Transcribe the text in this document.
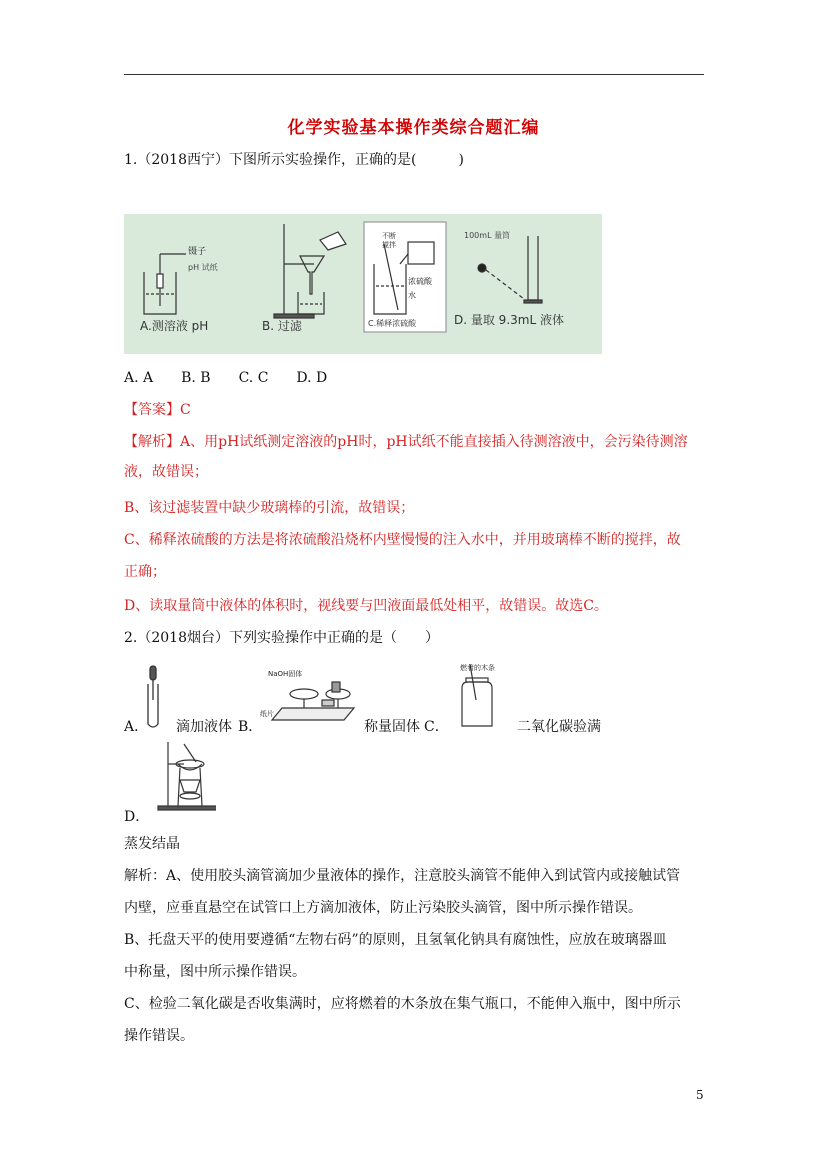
化学实验基本操作类综合题汇编
1.（2018西宁）下图所示实验操作，正确的是(　　　)
镊子
pH 试纸
A.测溶液 pH	B. 过滤
不断
搅拌
浓硫酸
水
C.稀释浓硫酸
100mL 量筒
D. 量取 9.3mL 液体
A. A　　B. B　　C. C　　D. D
【答案】C
【解析】A、用pH试纸测定溶液的pH时，pH试纸不能直接插入待测溶液中，会污染待测溶
液，故错误；
B、该过滤装置中缺少玻璃棒的引流，故错误；
C、稀释浓硫酸的方法是将浓硫酸沿烧杯内壁慢慢的注入水中，并用玻璃棒不断的搅拌，故
正确；
D、读取量筒中液体的体积时，视线要与凹液面最低处相平，故错误。故选C。
2.（2018烟台）下列实验操作中正确的是（　　）
A． 滴加液体 B．
NaOH固体
纸片
称量固体 C．
燃着的木条
二氧化碳验满
D．
蒸发结晶
解析：A、使用胶头滴管滴加少量液体的操作，注意胶头滴管不能伸入到试管内或接触试管
内壁，应垂直悬空在试管口上方滴加液体，防止污染胶头滴管，图中所示操作错误。
B、托盘天平的使用要遵循“左物右码”的原则，且氢氧化钠具有腐蚀性，应放在玻璃器皿
中称量，图中所示操作错误。
C、检验二氧化碳是否收集满时，应将燃着的木条放在集气瓶口，不能伸入瓶中，图中所示
操作错误。
5
